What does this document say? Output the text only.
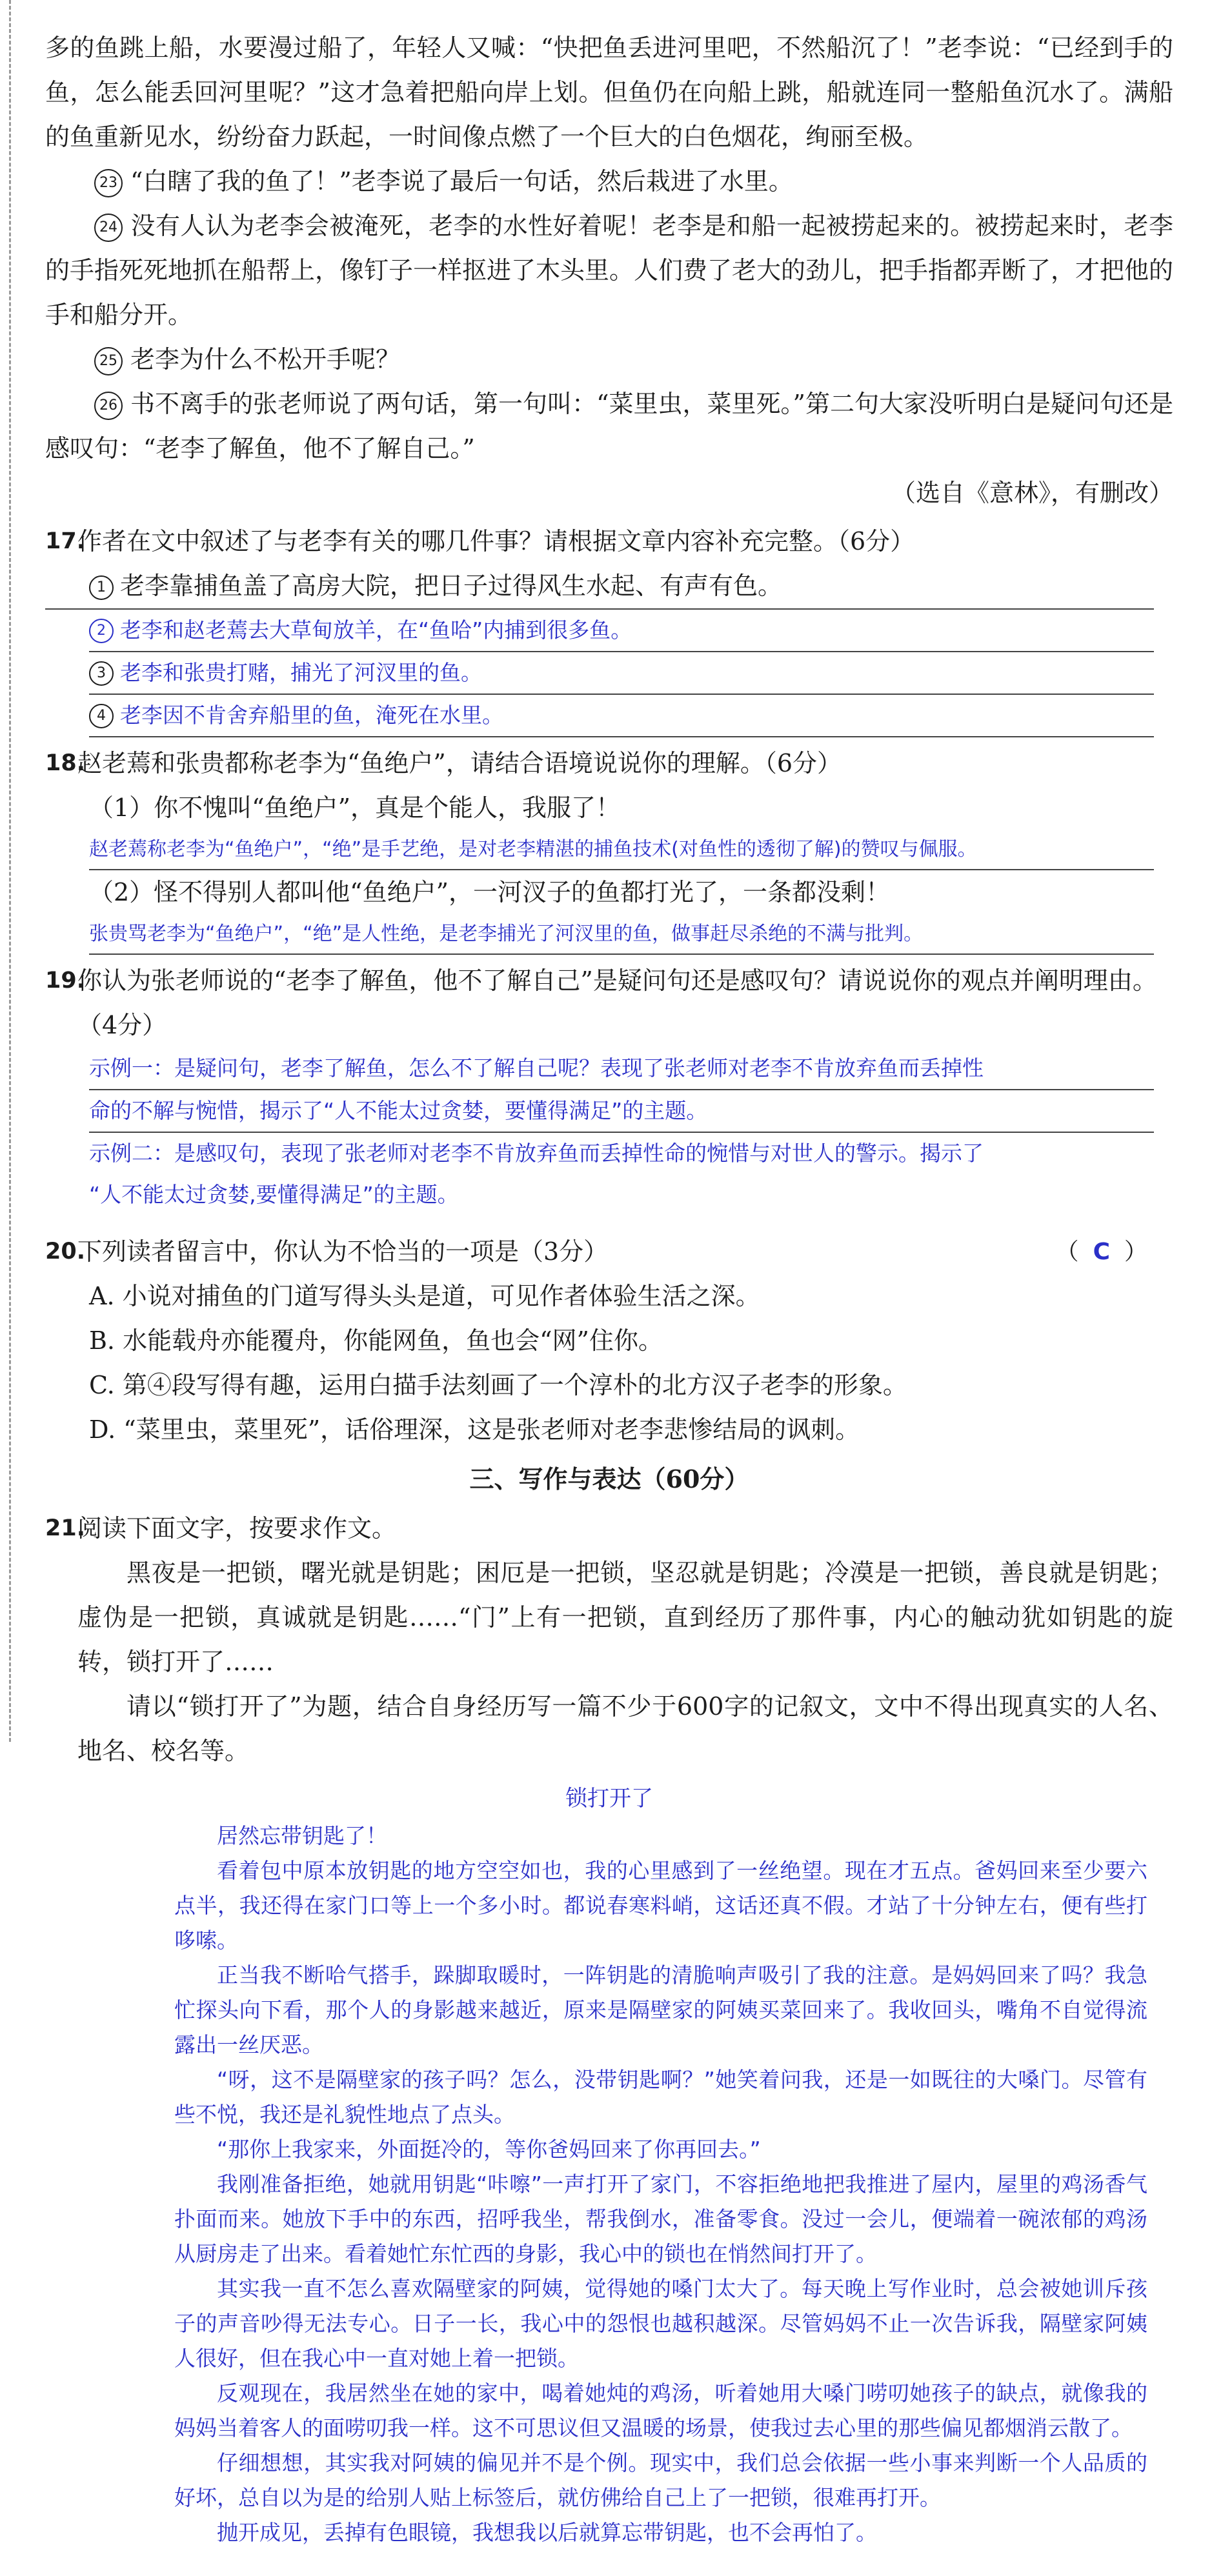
多的鱼跳上船，水要漫过船了，年轻人又喊：“快把鱼丢进河里吧，不然船沉了！”老李说：“已经到手的鱼，怎么能丢回河里呢？”这才急着把船向岸上划。但鱼仍在向船上跳，船就连同一整船鱼沉水了。满船的鱼重新见水，纷纷奋力跃起，一时间像点燃了一个巨大的白色烟花，绚丽至极。

23 “白瞎了我的鱼了！”老李说了最后一句话，然后栽进了水里。

24 没有人认为老李会被淹死，老李的水性好着呢！老李是和船一起被捞起来的。被捞起来时，老李的手指死死地抓在船帮上，像钉子一样抠进了木头里。人们费了老大的劲儿，把手指都弄断了，才把他的手和船分开。

25 老李为什么不松开手呢？

26 书不离手的张老师说了两句话，第一句叫：“菜里虫，菜里死。”第二句大家没听明白是疑问句还是感叹句：“老李了解鱼，他不了解自己。”

（选自《意林》，有删改）

17.
作者在文中叙述了与老李有关的哪几件事？请根据文章内容补充完整。（6分）
1 老李靠捕鱼盖了高房大院，把日子过得风生水起、有声有色。
2 老李和赵老蔫去大草甸放羊，在“鱼哈”内捕到很多鱼。
3 老李和张贵打赌，捕光了河汊里的鱼。
4 老李因不肯舍弃船里的鱼，淹死在水里。
18.
赵老蔫和张贵都称老李为“鱼绝户”，请结合语境说说你的理解。（6分）

（1）你不愧叫“鱼绝户”，真是个能人，我服了！

赵老蔫称老李为“鱼绝户”，“绝”是手艺绝，是对老李精湛的捕鱼技术(对鱼性的透彻了解)的赞叹与佩服。

（2）怪不得别人都叫他“鱼绝户”，一河汊子的鱼都打光了，一条都没剩！

张贵骂老李为“鱼绝户”，“绝”是人性绝，是老李捕光了河汊里的鱼，做事赶尽杀绝的不满与批判。

19.
你认为张老师说的“老李了解鱼，他不了解自己”是疑问句还是感叹句？请说说你的观点并阐明理由。（4分）

示例一：是疑问句，老李了解鱼，怎么不了解自己呢？表现了张老师对老李不肯放弃鱼而丢掉性

命的不解与惋惜，揭示了“人不能太过贪婪，要懂得满足”的主题。

示例二：是感叹句，表现了张老师对老李不肯放弃鱼而丢掉性命的惋惜与对世人的警示。揭示了

“人不能太过贪婪,要懂得满足”的主题。

20.
下列读者留言中，你认为不恰当的一项是（3分）	（ C ）

A. 小说对捕鱼的门道写得头头是道，可见作者体验生活之深。

B. 水能载舟亦能覆舟，你能网鱼，鱼也会“网”住你。

C. 第④段写得有趣，运用白描手法刻画了一个淳朴的北方汉子老李的形象。

D. “菜里虫，菜里死”，话俗理深，这是张老师对老李悲惨结局的讽刺。

三、写作与表达（60分）

21.
阅读下面文字，按要求作文。

黑夜是一把锁，曙光就是钥匙；困厄是一把锁，坚忍就是钥匙；冷漠是一把锁，善良就是钥匙；虚伪是一把锁，真诚就是钥匙……“门”上有一把锁，直到经历了那件事，内心的触动犹如钥匙的旋转，锁打开了……

请以“锁打开了”为题，结合自身经历写一篇不少于600字的记叙文，文中不得出现真实的人名、地名、校名等。

锁打开了

居然忘带钥匙了！

看着包中原本放钥匙的地方空空如也，我的心里感到了一丝绝望。现在才五点。爸妈回来至少要六点半，我还得在家门口等上一个多小时。都说春寒料峭，这话还真不假。才站了十分钟左右，便有些打哆嗦。

正当我不断哈气搭手，跺脚取暖时，一阵钥匙的清脆响声吸引了我的注意。是妈妈回来了吗？我急忙探头向下看，那个人的身影越来越近，原来是隔壁家的阿姨买菜回来了。我收回头，嘴角不自觉得流露出一丝厌恶。

“呀，这不是隔壁家的孩子吗？怎么，没带钥匙啊？”她笑着问我，还是一如既往的大嗓门。尽管有些不悦，我还是礼貌性地点了点头。

“那你上我家来，外面挺冷的，等你爸妈回来了你再回去。”

我刚准备拒绝，她就用钥匙“咔嚓”一声打开了家门，不容拒绝地把我推进了屋内，屋里的鸡汤香气扑面而来。她放下手中的东西，招呼我坐，帮我倒水，准备零食。没过一会儿，便端着一碗浓郁的鸡汤从厨房走了出来。看着她忙东忙西的身影，我心中的锁也在悄然间打开了。

其实我一直不怎么喜欢隔壁家的阿姨，觉得她的嗓门太大了。每天晚上写作业时，总会被她训斥孩子的声音吵得无法专心。日子一长，我心中的怨恨也越积越深。尽管妈妈不止一次告诉我，隔壁家阿姨人很好，但在我心中一直对她上着一把锁。

反观现在，我居然坐在她的家中，喝着她炖的鸡汤，听着她用大嗓门唠叨她孩子的缺点，就像我的妈妈当着客人的面唠叨我一样。这不可思议但又温暖的场景，使我过去心里的那些偏见都烟消云散了。

仔细想想，其实我对阿姨的偏见并不是个例。现实中，我们总会依据一些小事来判断一个人品质的好坏，总自以为是的给别人贴上标签后，就仿佛给自己上了一把锁，很难再打开。

抛开成见，丢掉有色眼镜，我想我以后就算忘带钥匙，也不会再怕了。
